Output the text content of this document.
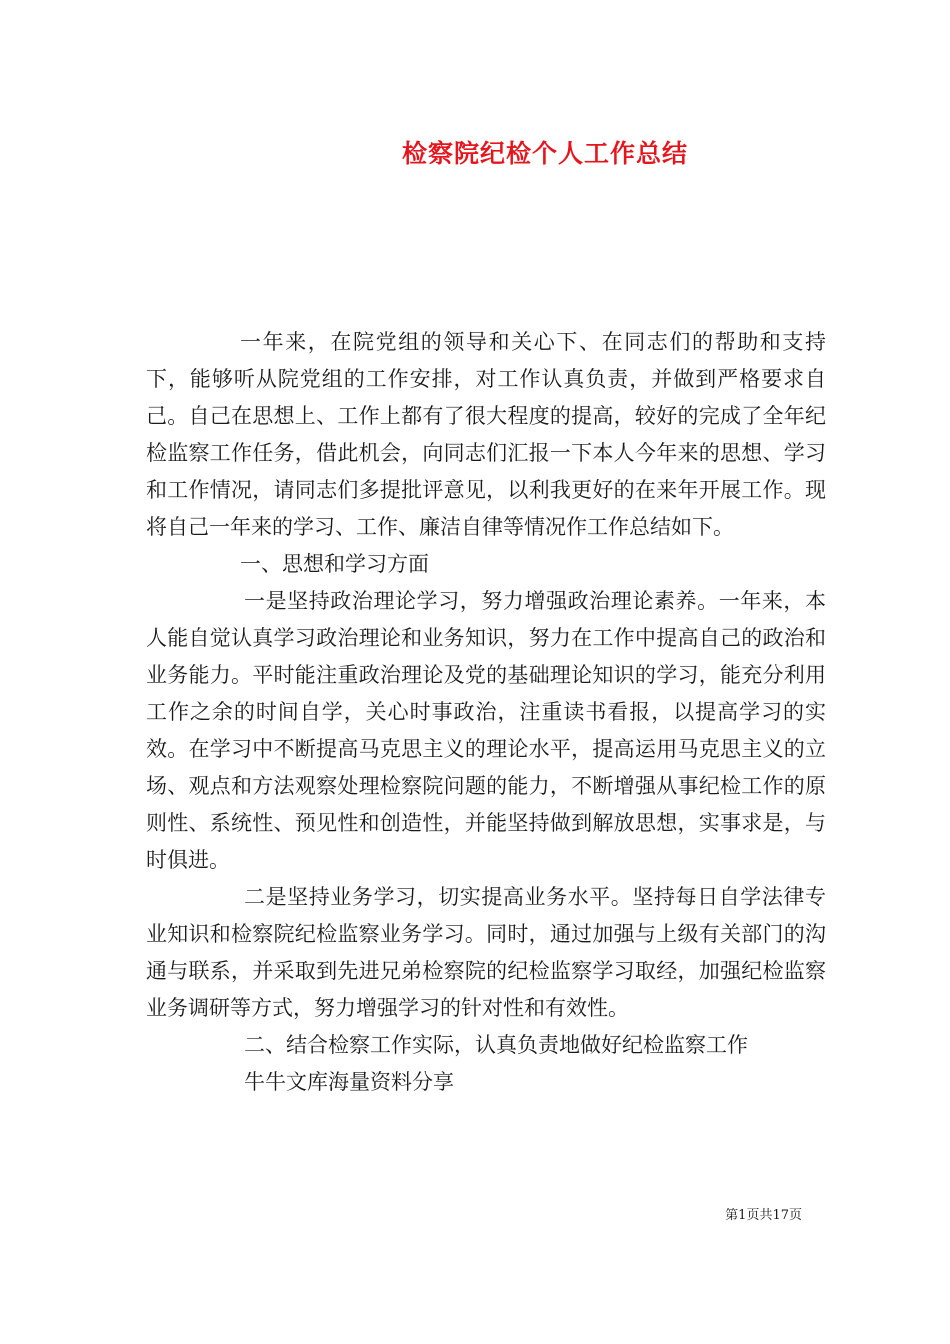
检察院纪检个人工作总结

一年来，在院党组的领导和关心下、在同志们的帮助和支持下，能够听从院党组的工作安排，对工作认真负责，并做到严格要求自己。自己在思想上、工作上都有了很大程度的提高，较好的完成了全年纪检监察工作任务，借此机会，向同志们汇报一下本人今年来的思想、学习和工作情况，请同志们多提批评意见，以利我更好的在来年开展工作。现将自己一年来的学习、工作、廉洁自律等情况作工作总结如下。

一、思想和学习方面

一是坚持政治理论学习，努力增强政治理论素养。一年来，本人能自觉认真学习政治理论和业务知识，努力在工作中提高自己的政治和业务能力。平时能注重政治理论及党的基础理论知识的学习，能充分利用工作之余的时间自学，关心时事政治，注重读书看报，以提高学习的实效。在学习中不断提高马克思主义的理论水平，提高运用马克思主义的立场、观点和方法观察处理检察院问题的能力，不断增强从事纪检工作的原则性、系统性、预见性和创造性，并能坚持做到解放思想，实事求是，与时俱进。

二是坚持业务学习，切实提高业务水平。坚持每日自学法律专业知识和检察院纪检监察业务学习。同时，通过加强与上级有关部门的沟通与联系，并采取到先进兄弟检察院的纪检监察学习取经，加强纪检监察业务调研等方式，努力增强学习的针对性和有效性。

二、结合检察工作实际，认真负责地做好纪检监察工作

牛牛文库海量资料分享

第1页共17页
